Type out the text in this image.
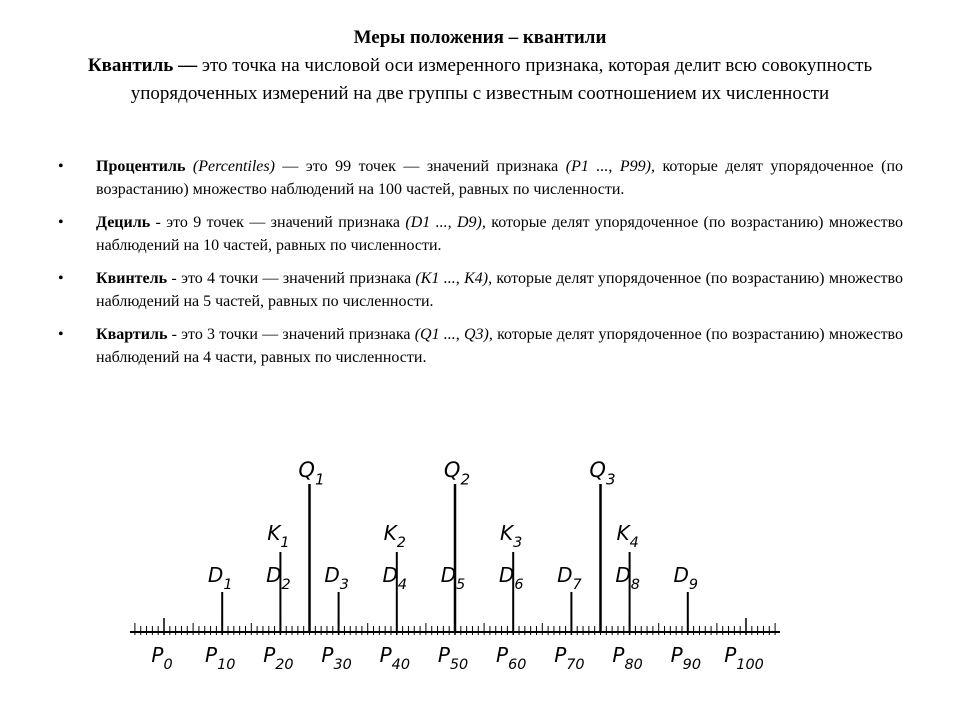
Меры положения – квантили
Квантиль — это точка на числовой оси измеренного признака, которая делит всю совокупность упорядоченных измерений на две группы с известным соотношением их численности
• Процентиль (Percentiles) — это 99 точек — значений признака (P1 ..., P99), которые делят упорядоченное (по возрастанию) множество наблюдений на 100 частей, равных по численности.
• Дециль - это 9 точек — значений признака (D1 ..., D9), которые делят упорядоченное (по возрастанию) множество наблюдений на 10 частей, равных по численности.
• Квинтель - это 4 точки — значений признака (K1 ..., K4), которые делят упорядоченное (по возрастанию) множество наблюдений на 5 частей, равных по численности.
• Квартиль - это 3 точки — значений признака (Q1 ..., Q3), которые делят упорядоченное (по возрастанию) множество наблюдений на 4 части, равных по численности.
$P_0$ $P_{10}$ $P_{20}$ $P_{30}$ $P_{40}$ $P_{50}$ $P_{60}$ $P_{70}$ $P_{80}$ $P_{90}$ $P_{100}$
$D_1$ $D_2$ $D_3$ $D_4$ $D_5$ $D_6$ $D_7$ $D_8$ $D_9$
$K_1$	$K_2$	$K_3$	$K_4$
$Q_1$	$Q_2$	$Q_3$
